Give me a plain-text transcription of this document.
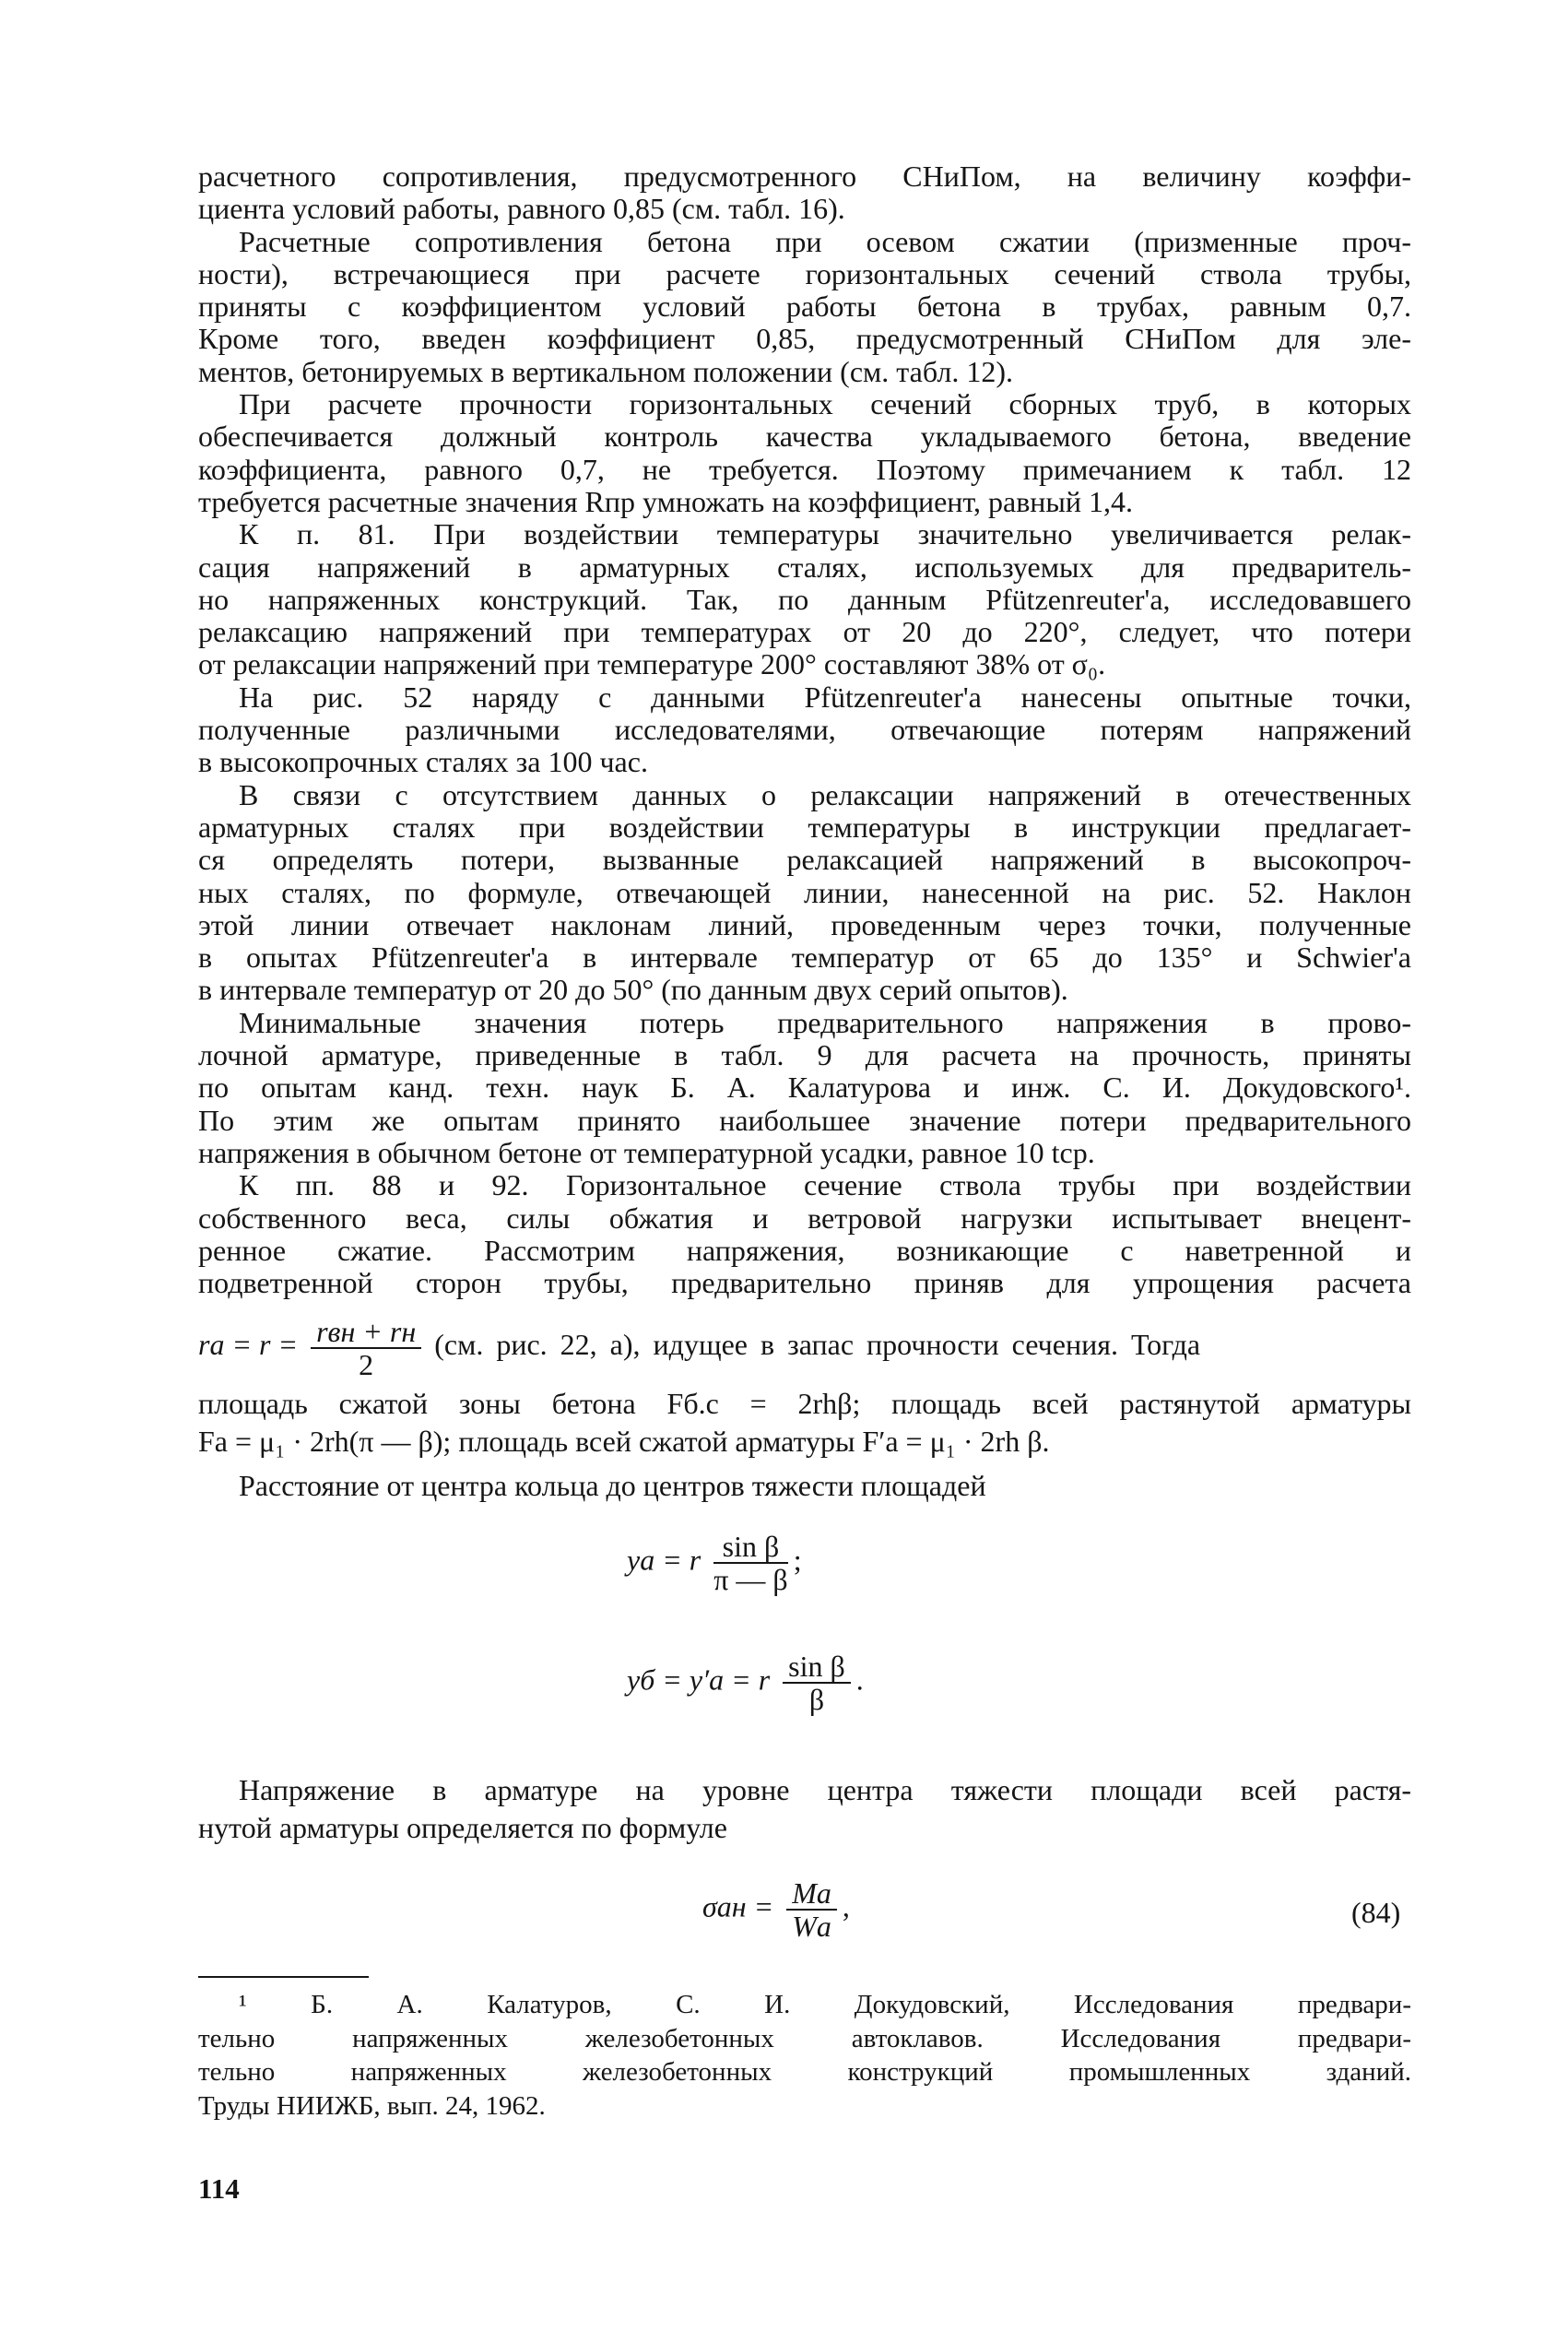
расчетного сопротивления, предусмотренного СНиПом, на величину коэффи-
циента условий работы, равного 0,85 (см. табл. 16).
Расчетные сопротивления бетона при осевом сжатии (призменные проч-
ности), встречающиеся при расчете горизонтальных сечений ствола трубы,
приняты с коэффициентом условий работы бетона в трубах, равным 0,7.
Кроме того, введен коэффициент 0,85, предусмотренный СНиПом для эле-
ментов, бетонируемых в вертикальном положении (см. табл. 12).
При расчете прочности горизонтальных сечений сборных труб, в которых
обеспечивается должный контроль качества укладываемого бетона, введение
коэффициента, равного 0,7, не требуется. Поэтому примечанием к табл. 12
требуется расчетные значения Rпр умножать на коэффициент, равный 1,4.
К п. 81. При воздействии температуры значительно увеличивается релак-
сация напряжений в арматурных сталях, используемых для предваритель-
но напряженных конструкций. Так, по данным Pfützenreuter'a, исследовавшего
релаксацию напряжений при температурах от 20 до 220°, следует, что потери
от релаксации напряжений при температуре 200° составляют 38% от σ₀.
На рис. 52 наряду с данными Pfützenreuter'a нанесены опытные точки,
полученные различными исследователями, отвечающие потерям напряжений
в высокопрочных сталях за 100 час.
В связи с отсутствием данных о релаксации напряжений в отечественных
арматурных сталях при воздействии температуры в инструкции предлагает-
ся определять потери, вызванные релаксацией напряжений в высокопроч-
ных сталях, по формуле, отвечающей линии, нанесенной на рис. 52. Наклон
этой линии отвечает наклонам линий, проведенным через точки, полученные
в опытах Pfützenreuter'a в интервале температур от 65 до 135° и Schwier'a
в интервале температур от 20 до 50° (по данным двух серий опытов).
Минимальные значения потерь предварительного напряжения в прово-
лочной арматуре, приведенные в табл. 9 для расчета на прочность, приняты
по опытам канд. техн. наук Б. А. Калатурова и инж. С. И. Докудовского¹.
По этим же опытам принято наибольшее значение потери предварительного
напряжения в обычном бетоне от температурной усадки, равное 10 tср.
К пп. 88 и 92. Горизонтальное сечение ствола трубы при воздействии
собственного веса, силы обжатия и ветровой нагрузки испытывает внецент-
ренное сжатие. Рассмотрим напряжения, возникающие с наветренной и
подветренной сторон трубы, предварительно приняв для упрощения расчета
rа = $r = \frac{\text{rвн + rн}}{2} (см$. рис. 22, а), идущее в запас прочности сечения. Тогда
площадь сжатой зоны бетона Fб.с = 2rhβ; площадь всей растянутой арматуры
Fа = μ₁ · 2rh(π — β); площадь всей сжатой арматуры F′а = μ₁ · 2rh β.
Расстояние от центра кольца до центров тяжести площадей
yа = r $\frac{\text{sin β}}{\pi — \beta}$ ;
yб = y′а = r $\frac{\text{sin β}}{\beta}$ .
Напряжение в арматуре на уровне центра тяжести площади всей растя-
нутой арматуры определяется по формуле
$\sigma ан = \frac{Mа}{Wа}$ ,	(84)
¹ Б. А. Калатуров, С. И. Докудовский, Исследования предвари-
тельно напряженных железобетонных автоклавов. Исследования предвари-
тельно напряженных железобетонных конструкций промышленных зданий.
Труды НИИЖБ, вып. 24, 1962.
114
